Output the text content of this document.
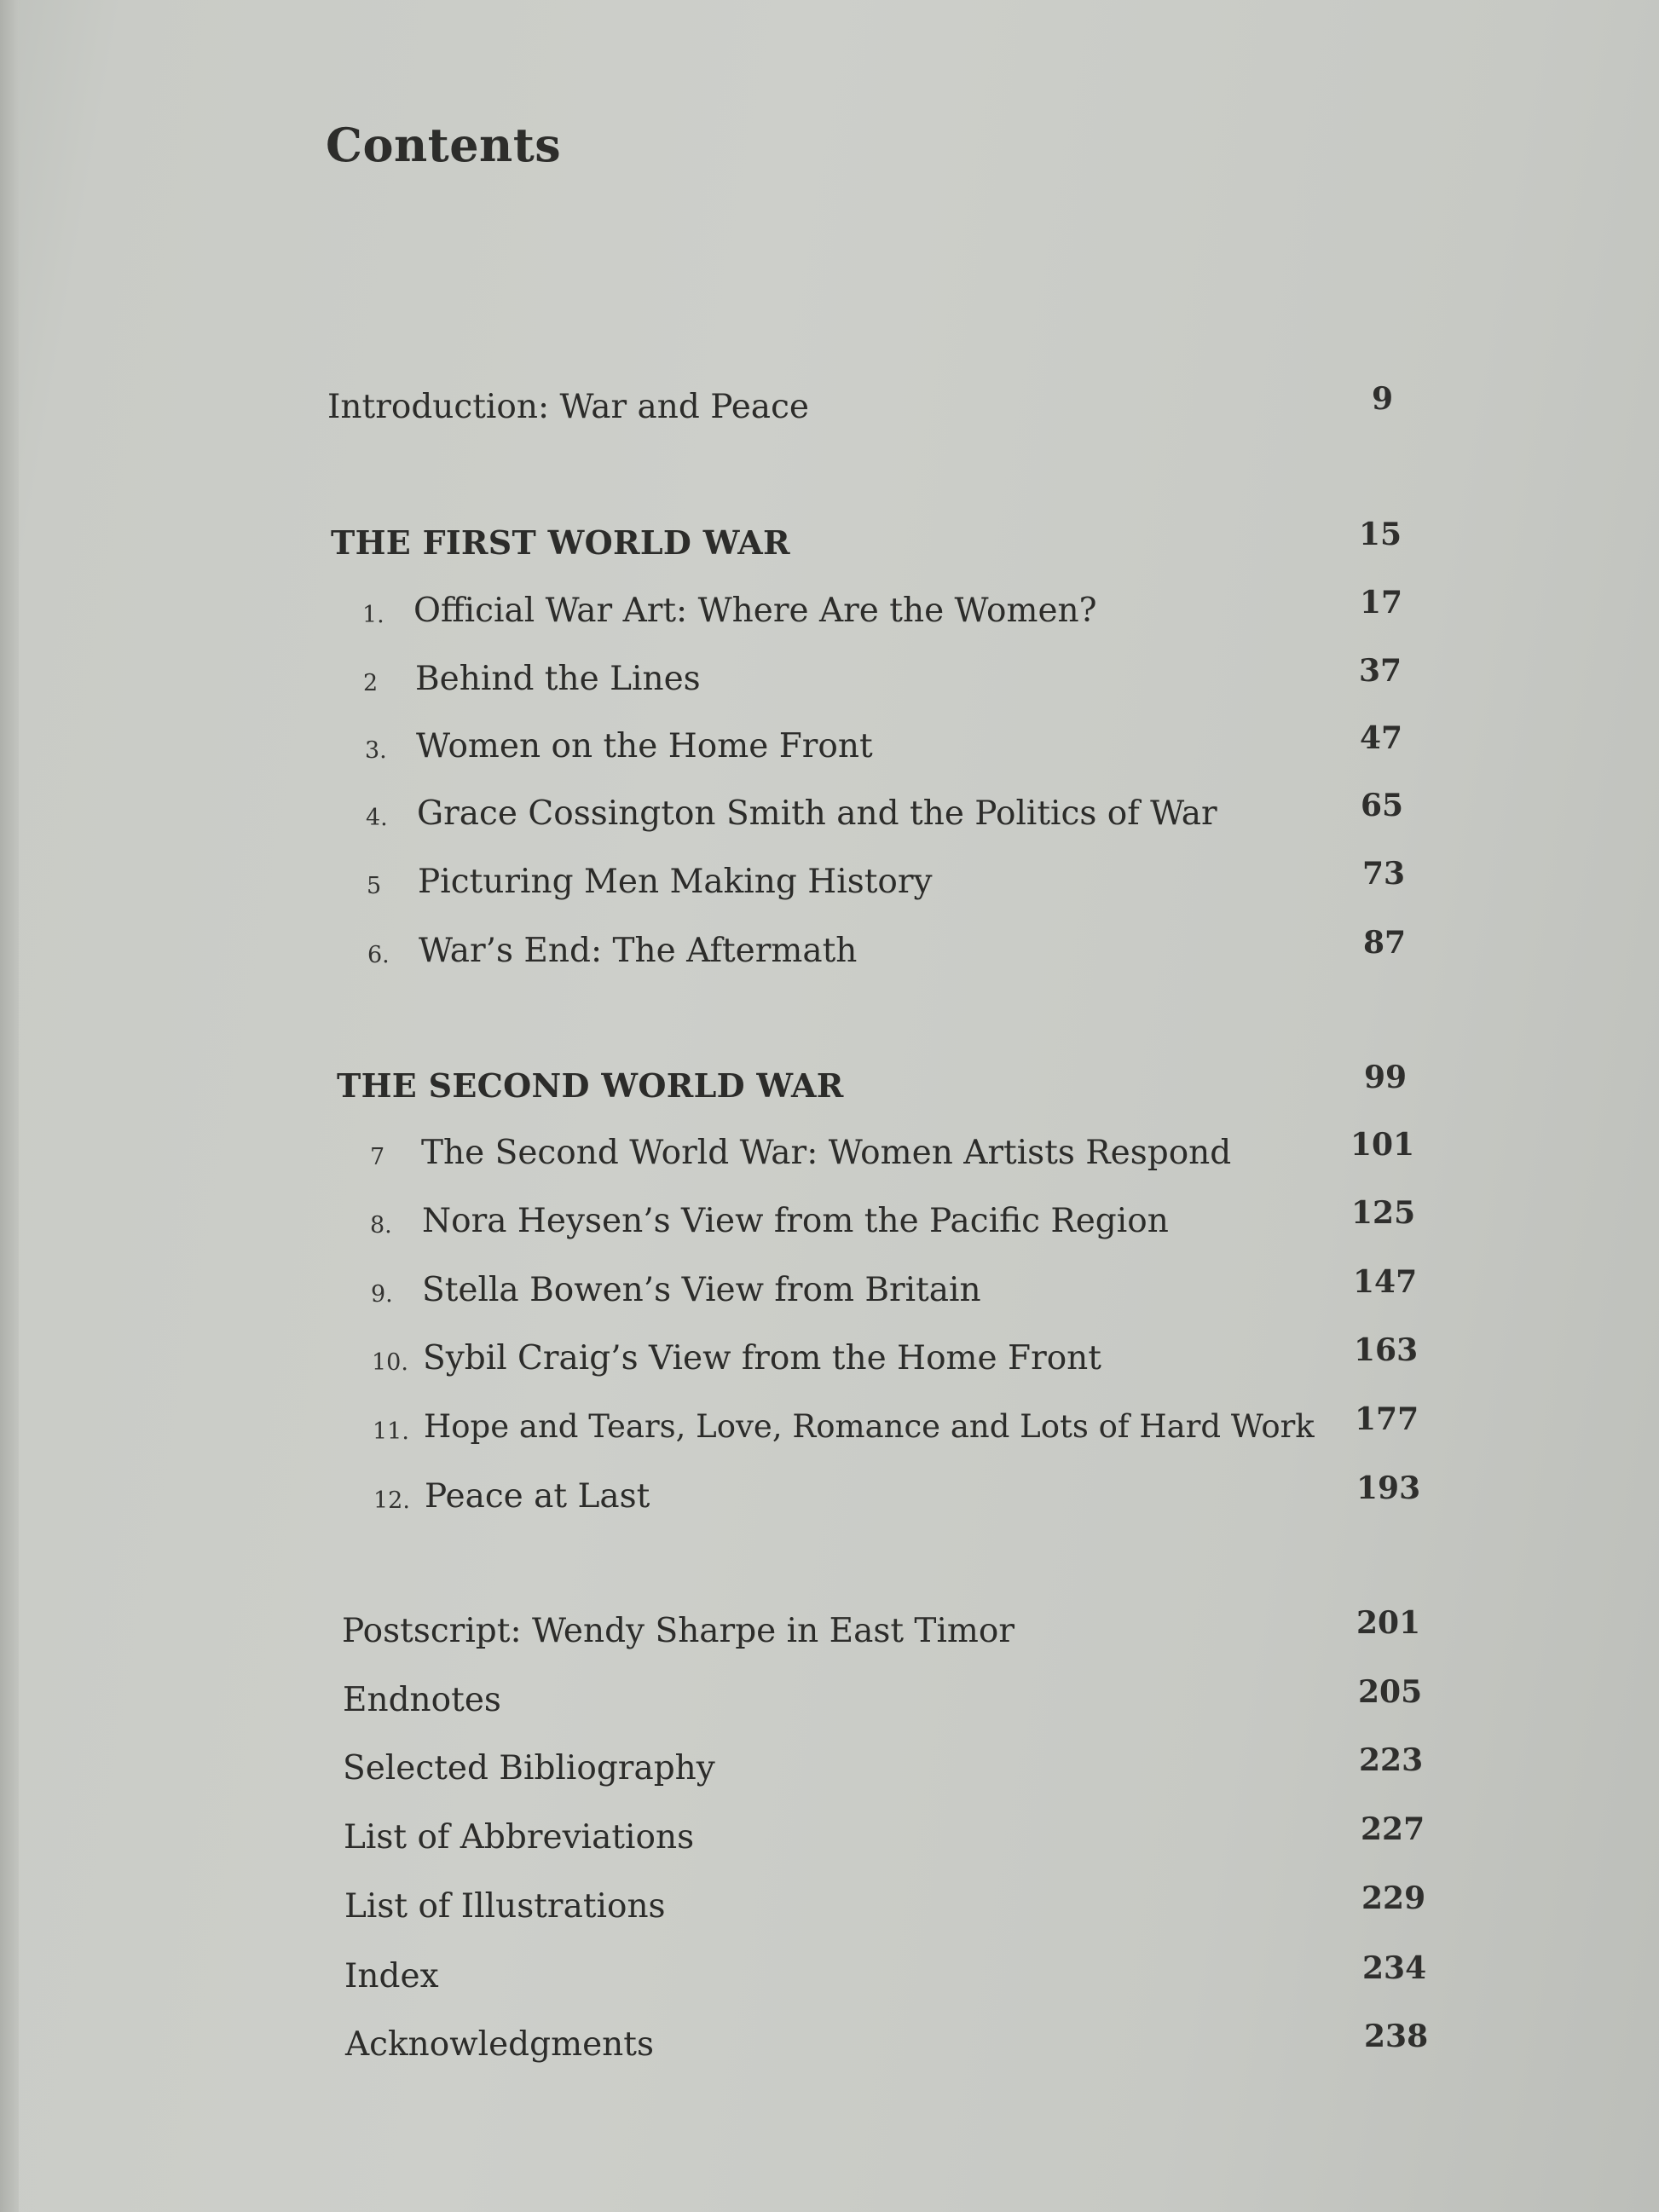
Contents
Introduction: War and Peace	9
THE FIRST WORLD WAR	15
1. Official War Art: Where Are the Women?	17
2 Behind the Lines	37
3. Women on the Home Front	47
4. Grace Cossington Smith and the Politics of War	65
5 Picturing Men Making History	73
6. War’s End: The Aftermath	87
THE SECOND WORLD WAR	99
7 The Second World War: Women Artists Respond	101
8. Nora Heysen’s View from the Pacific Region	125
9. Stella Bowen’s View from Britain	147
10. Sybil Craig’s View from the Home Front	163
11. Hope and Tears, Love, Romance and Lots of Hard Work 177
12. Peace at Last	193
Postscript: Wendy Sharpe in East Timor	201
Endnotes	205
Selected Bibliography	223
List of Abbreviations	227
List of Illustrations	229
Index	234
Acknowledgments	238
